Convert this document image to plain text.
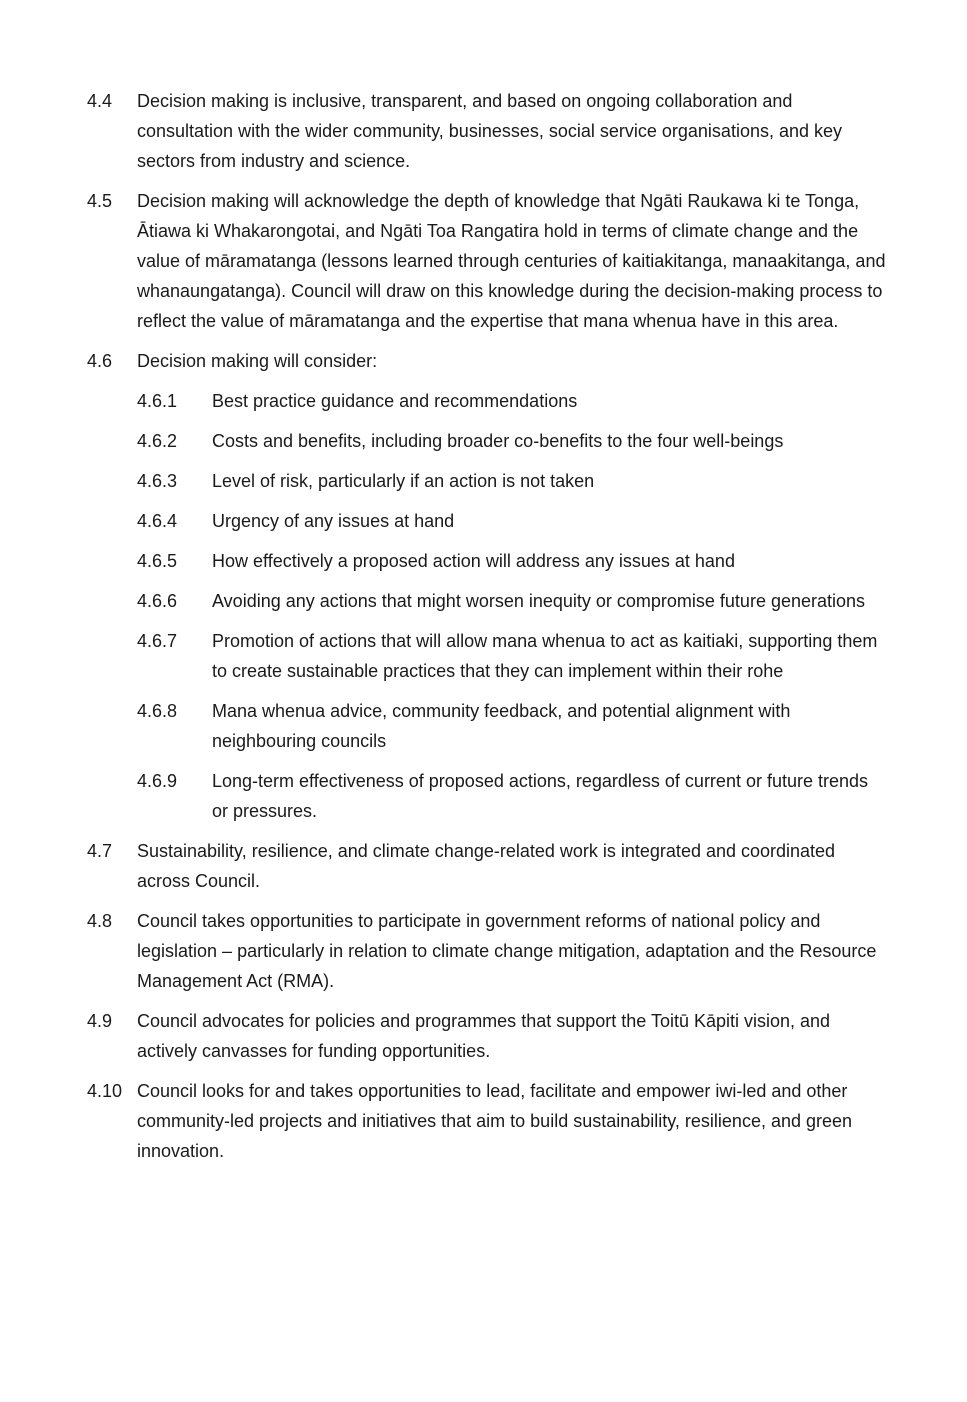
4.4 Decision making is inclusive, transparent, and based on ongoing collaboration and consultation with the wider community, businesses, social service organisations, and key sectors from industry and science.
4.5 Decision making will acknowledge the depth of knowledge that Ngāti Raukawa ki te Tonga, Ātiawa ki Whakarongotai, and Ngāti Toa Rangatira hold in terms of climate change and the value of māramatanga (lessons learned through centuries of kaitiakitanga, manaakitanga, and whanaungatanga). Council will draw on this knowledge during the decision-making process to reflect the value of māramatanga and the expertise that mana whenua have in this area.
4.6 Decision making will consider:
4.6.1 Best practice guidance and recommendations
4.6.2 Costs and benefits, including broader co-benefits to the four well-beings
4.6.3 Level of risk, particularly if an action is not taken
4.6.4 Urgency of any issues at hand
4.6.5 How effectively a proposed action will address any issues at hand
4.6.6 Avoiding any actions that might worsen inequity or compromise future generations
4.6.7 Promotion of actions that will allow mana whenua to act as kaitiaki, supporting them to create sustainable practices that they can implement within their rohe
4.6.8 Mana whenua advice, community feedback, and potential alignment with neighbouring councils
4.6.9 Long-term effectiveness of proposed actions, regardless of current or future trends or pressures.
4.7 Sustainability, resilience, and climate change-related work is integrated and coordinated across Council.
4.8 Council takes opportunities to participate in government reforms of national policy and legislation – particularly in relation to climate change mitigation, adaptation and the Resource Management Act (RMA).
4.9 Council advocates for policies and programmes that support the Toitū Kāpiti vision, and actively canvasses for funding opportunities.
4.10 Council looks for and takes opportunities to lead, facilitate and empower iwi-led and other community-led projects and initiatives that aim to build sustainability, resilience, and green innovation.
